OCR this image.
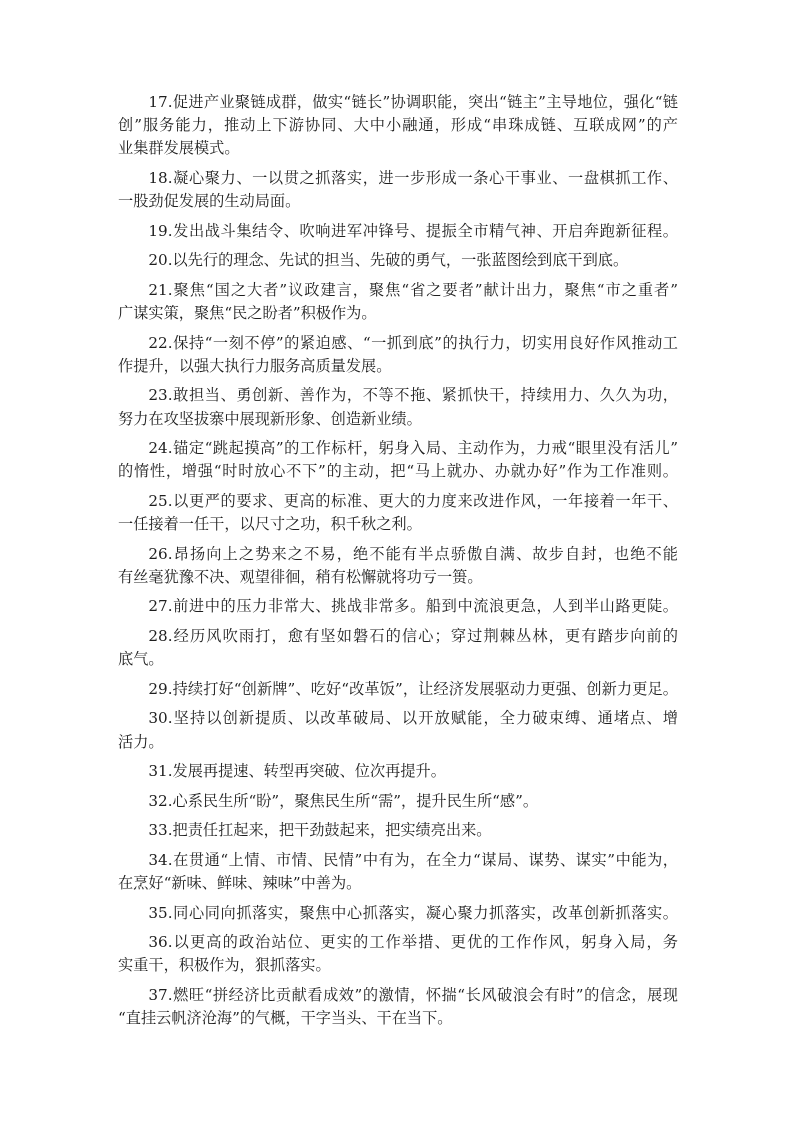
17.促进产业聚链成群，做实“链长”协调职能，突出“链主”主导地位，强化“链
创”服务能力，推动上下游协同、大中小融通，形成“串珠成链、互联成网”的产
业集群发展模式。
18.凝心聚力、一以贯之抓落实，进一步形成一条心干事业、一盘棋抓工作、
一股劲促发展的生动局面。
19.发出战斗集结令、吹响进军冲锋号、提振全市精气神、开启奔跑新征程。
20.以先行的理念、先试的担当、先破的勇气，一张蓝图绘到底干到底。
21.聚焦“国之大者”议政建言，聚焦“省之要者”献计出力，聚焦“市之重者”
广谋实策，聚焦“民之盼者”积极作为。
22.保持“一刻不停”的紧迫感、“一抓到底”的执行力，切实用良好作风推动工
作提升，以强大执行力服务高质量发展。
23.敢担当、勇创新、善作为，不等不拖、紧抓快干，持续用力、久久为功，
努力在攻坚拔寨中展现新形象、创造新业绩。
24.锚定“跳起摸高”的工作标杆，躬身入局、主动作为，力戒“眼里没有活儿”
的惰性，增强“时时放心不下”的主动，把“马上就办、办就办好”作为工作准则。
25.以更严的要求、更高的标准、更大的力度来改进作风，一年接着一年干、
一任接着一任干，以尺寸之功，积千秋之利。
26.昂扬向上之势来之不易，绝不能有半点骄傲自满、故步自封，也绝不能
有丝毫犹豫不决、观望徘徊，稍有松懈就将功亏一篑。
27.前进中的压力非常大、挑战非常多。船到中流浪更急，人到半山路更陡。
28.经历风吹雨打，愈有坚如磐石的信心；穿过荆棘丛林，更有踏步向前的
底气。
29.持续打好“创新牌”、吃好“改革饭”，让经济发展驱动力更强、创新力更足。
30.坚持以创新提质、以改革破局、以开放赋能，全力破束缚、通堵点、增
活力。
31.发展再提速、转型再突破、位次再提升。
32.心系民生所“盼”，聚焦民生所“需”，提升民生所“感”。
33.把责任扛起来，把干劲鼓起来，把实绩亮出来。
34.在贯通“上情、市情、民情”中有为，在全力“谋局、谋势、谋实”中能为，
在烹好“新味、鲜味、辣味”中善为。
35.同心同向抓落实，聚焦中心抓落实，凝心聚力抓落实，改革创新抓落实。
36.以更高的政治站位、更实的工作举措、更优的工作作风，躬身入局，务
实重干，积极作为，狠抓落实。
37.燃旺“拼经济比贡献看成效”的激情，怀揣“长风破浪会有时”的信念，展现
“直挂云帆济沧海”的气概，干字当头、干在当下。
